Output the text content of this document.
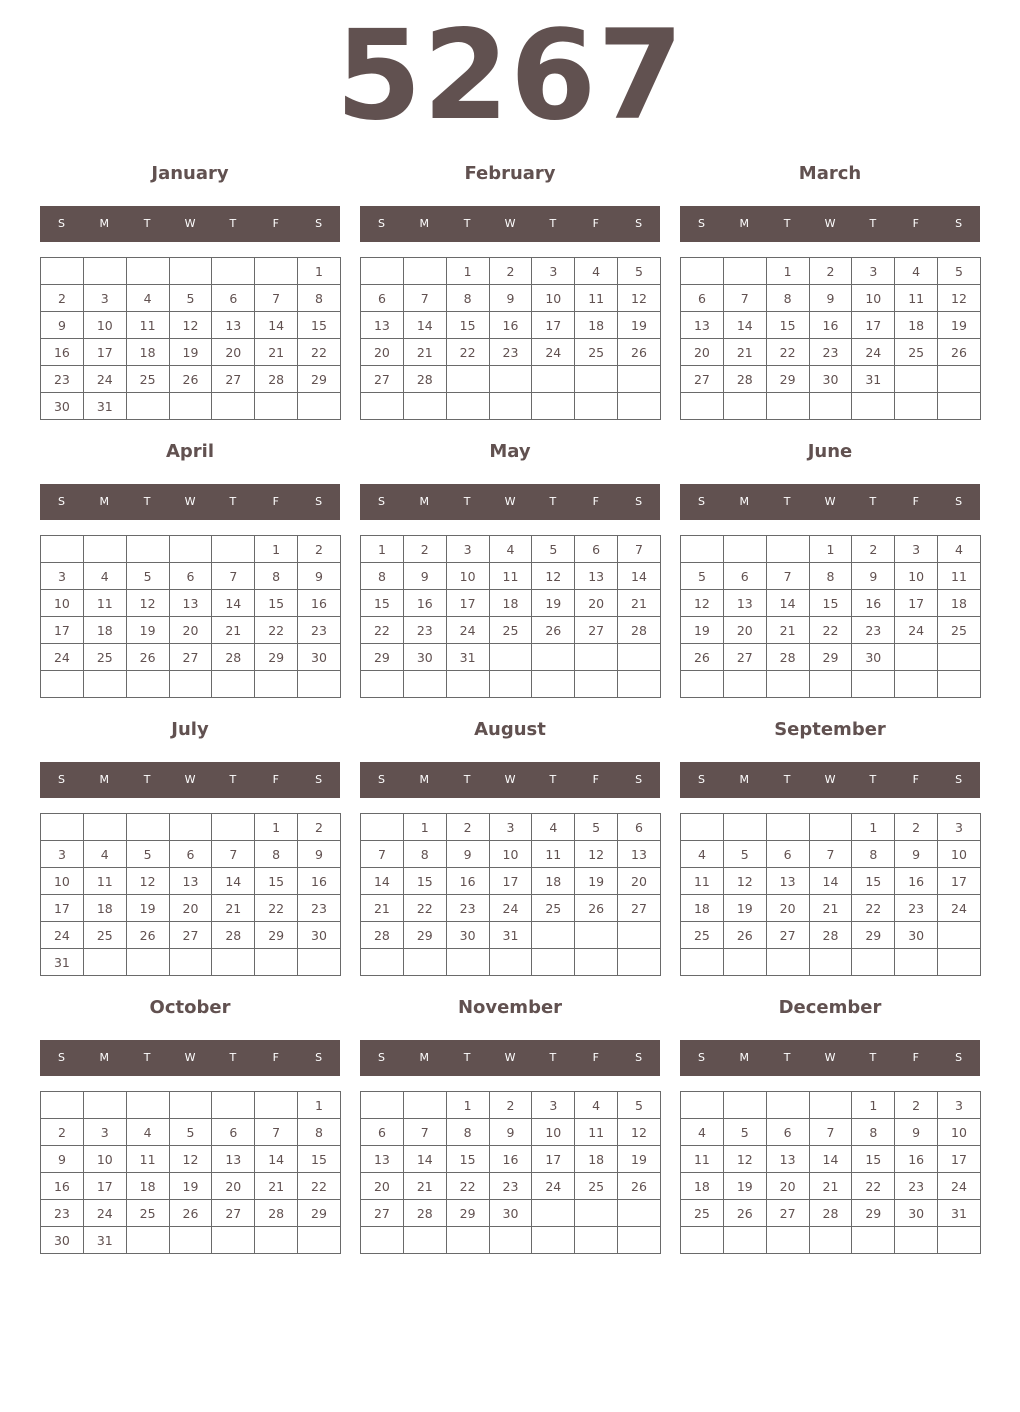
5267
January
S	M	T	W	T	F	S
						1
2	3	4	5	6	7	8
9	10	11	12	13	14	15
16	17	18	19	20	21	22
23	24	25	26	27	28	29
30	31					
February
S	M	T	W	T	F	S
		1	2	3	4	5
6	7	8	9	10	11	12
13	14	15	16	17	18	19
20	21	22	23	24	25	26
27	28					

March
S	M	T	W	T	F	S
		1	2	3	4	5
6	7	8	9	10	11	12
13	14	15	16	17	18	19
20	21	22	23	24	25	26
27	28	29	30	31		

April
S	M	T	W	T	F	S
					1	2
3	4	5	6	7	8	9
10	11	12	13	14	15	16
17	18	19	20	21	22	23
24	25	26	27	28	29	30

May
S	M	T	W	T	F	S
1	2	3	4	5	6	7
8	9	10	11	12	13	14
15	16	17	18	19	20	21
22	23	24	25	26	27	28
29	30	31				

June
S	M	T	W	T	F	S
			1	2	3	4
5	6	7	8	9	10	11
12	13	14	15	16	17	18
19	20	21	22	23	24	25
26	27	28	29	30		

July
S	M	T	W	T	F	S
					1	2
3	4	5	6	7	8	9
10	11	12	13	14	15	16
17	18	19	20	21	22	23
24	25	26	27	28	29	30
31						
August
S	M	T	W	T	F	S
	1	2	3	4	5	6
7	8	9	10	11	12	13
14	15	16	17	18	19	20
21	22	23	24	25	26	27
28	29	30	31			

September
S	M	T	W	T	F	S
				1	2	3
4	5	6	7	8	9	10
11	12	13	14	15	16	17
18	19	20	21	22	23	24
25	26	27	28	29	30	

October
S	M	T	W	T	F	S
						1
2	3	4	5	6	7	8
9	10	11	12	13	14	15
16	17	18	19	20	21	22
23	24	25	26	27	28	29
30	31					
November
S	M	T	W	T	F	S
		1	2	3	4	5
6	7	8	9	10	11	12
13	14	15	16	17	18	19
20	21	22	23	24	25	26
27	28	29	30			

December
S	M	T	W	T	F	S
				1	2	3
4	5	6	7	8	9	10
11	12	13	14	15	16	17
18	19	20	21	22	23	24
25	26	27	28	29	30	31
